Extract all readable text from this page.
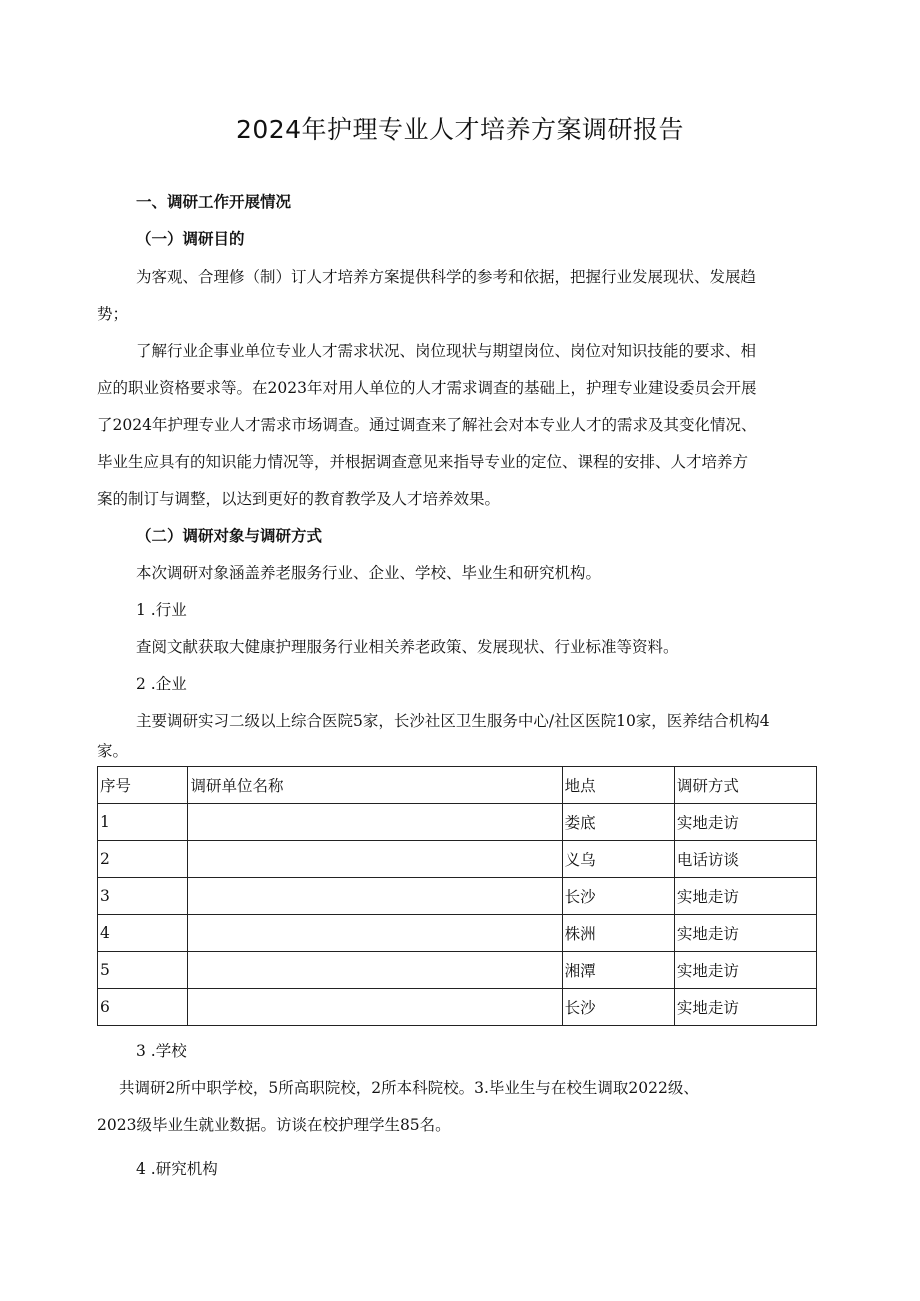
2024年护理专业人才培养方案调研报告
一、调研工作开展情况
（一）调研目的
为客观、合理修（制）订人才培养方案提供科学的参考和依据，把握行业发展现状、发展趋
势；
了解行业企事业单位专业人才需求状况、岗位现状与期望岗位、岗位对知识技能的要求、相
应的职业资格要求等。在2023年对用人单位的人才需求调查的基础上，护理专业建设委员会开展
了2024年护理专业人才需求市场调查。通过调查来了解社会对本专业人才的需求及其变化情况、
毕业生应具有的知识能力情况等，并根据调查意见来指导专业的定位、课程的安排、人才培养方
案的制订与调整，以达到更好的教育教学及人才培养效果。
（二）调研对象与调研方式
本次调研对象涵盖养老服务行业、企业、学校、毕业生和研究机构。
1 .行业
查阅文献获取大健康护理服务行业相关养老政策、发展现状、行业标准等资料。
2 .企业
主要调研实习二级以上综合医院5家，长沙社区卫生服务中心/社区医院10家，医养结合机构4
家。
序号	调研单位名称	地点	调研方式
1		娄底	实地走访
2		义乌	电话访谈
3		长沙	实地走访
4		株洲	实地走访
5		湘潭	实地走访
6		长沙	实地走访
3 .学校
共调研2所中职学校，5所高职院校，2所本科院校。3.毕业生与在校生调取2022级、
2023级毕业生就业数据。访谈在校护理学生85名。
4 .研究机构
